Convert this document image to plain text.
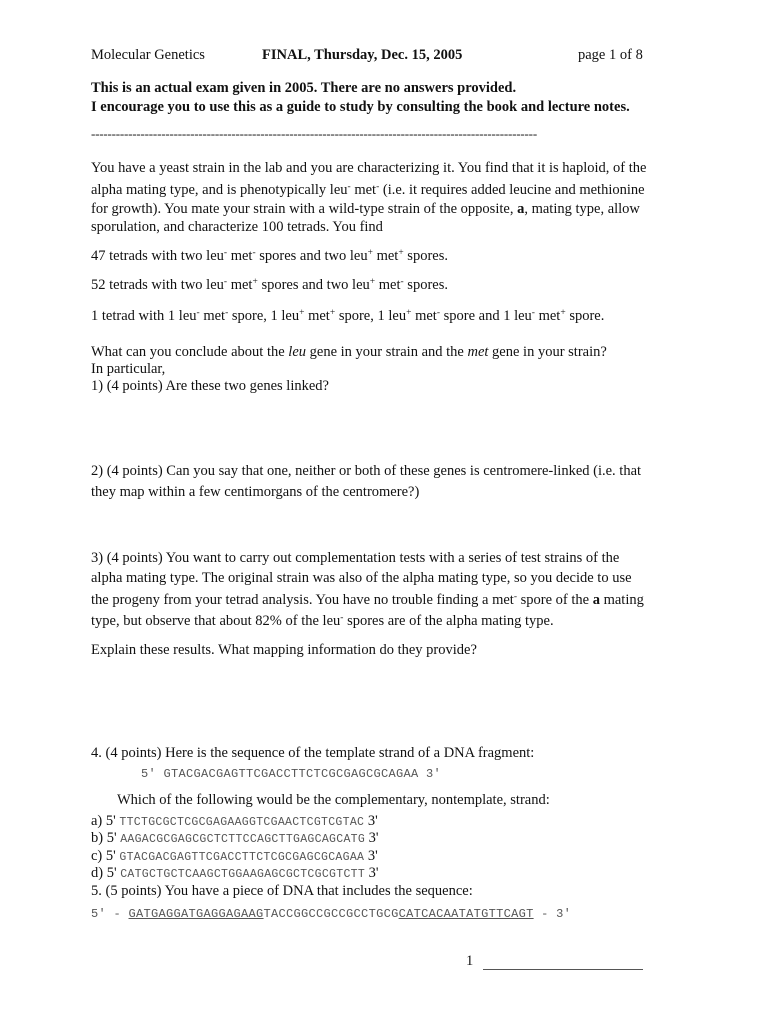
Molecular Genetics	FINAL, Thursday, Dec. 15, 2005	page 1 of 8
This is an actual exam given in 2005. There are no answers provided.
I encourage you to use this as a guide to study by consulting the book and lecture notes.
------------------------------------------------------------------------------------------------------------
You have a yeast strain in the lab and you are characterizing it. You find that it is haploid, of the
alpha mating type, and is phenotypically leu- met- (i.e. it requires added leucine and methionine
for growth). You mate your strain with a wild-type strain of the opposite, a, mating type, allow
sporulation, and characterize 100 tetrads. You find
47 tetrads with two leu- met- spores and two leu+ met+ spores.
52 tetrads with two leu- met+ spores and two leu+ met- spores.
1 tetrad with 1 leu- met- spore, 1 leu+ met+ spore, 1 leu+ met- spore and 1 leu- met+ spore.
What can you conclude about the leu gene in your strain and the met gene in your strain?
In particular,
1) (4 points) Are these two genes linked?
2) (4 points) Can you say that one, neither or both of these genes is centromere-linked (i.e. that
they map within a few centimorgans of the centromere?)
3) (4 points) You want to carry out complementation tests with a series of test strains of the
alpha mating type. The original strain was also of the alpha mating type, so you decide to use
the progeny from your tetrad analysis. You have no trouble finding a met- spore of the a mating
type, but observe that about 82% of the leu- spores are of the alpha mating type.
Explain these results. What mapping information do they provide?
4. (4 points) Here is the sequence of the template strand of a DNA fragment:
5' GTACGACGAGTTCGACCTTCTCGCGAGCGCAGAA 3'
Which of the following would be the complementary, nontemplate, strand:
a) 5' TTCTGCGCTCGCGAGAAGGTCGAACTCGTCGTAC 3'
b) 5' AAGACGCGAGCGCTCTTCCAGCTTGAGCAGCATG 3'
c) 5' GTACGACGAGTTCGACCTTCTCGCGAGCGCAGAA 3'
d) 5' CATGCTGCTCAAGCTGGAAGAGCGCTCGCGTCTT 3'
5. (5 points) You have a piece of DNA that includes the sequence:
5' - GATGAGGATGAGGAGAAGTACCGGCCGCCGCCTGCGCATCACAATATGTTCAGT - 3'
1
